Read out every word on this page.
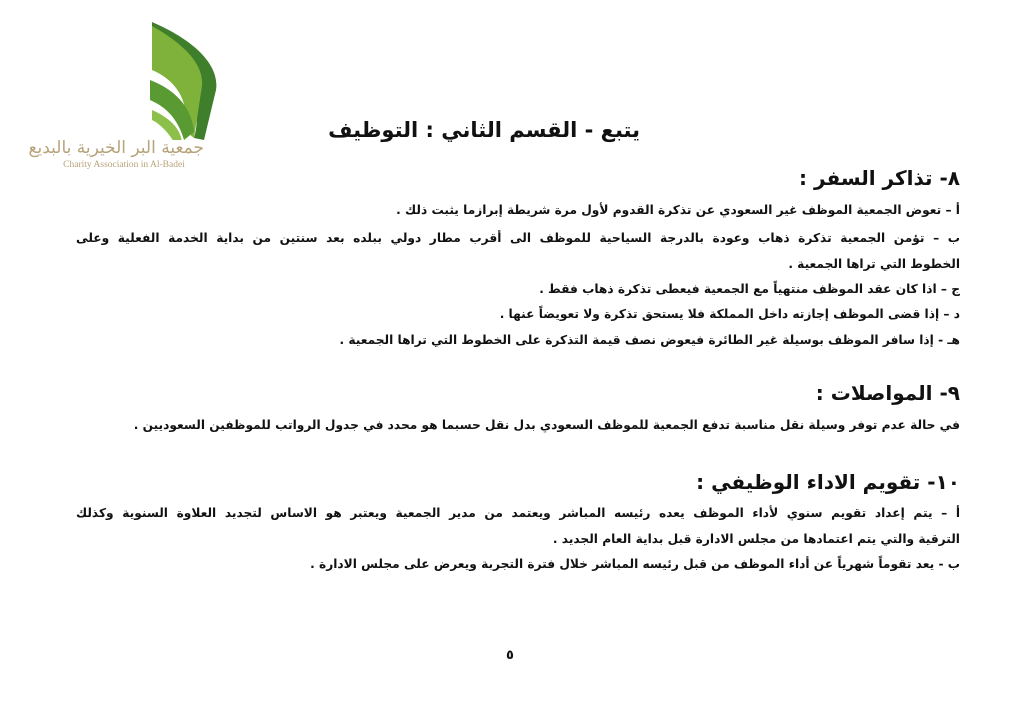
جمعية البر الخيرية بالبديع
Charity Association in Al-Badei
يتبع - القسم الثاني : التوظيف
٨- تذاكر السفر :
أ – تعوض الجمعية الموظف غير السعودي عن تذكرة القدوم لأول مرة شريطة إبرازما يثبت ذلك .
ب – تؤمن الجمعية تذكرة ذهاب وعودة بالدرجة السياحية للموظف الى أقرب مطار دولي ببلده بعد سنتين من بداية الخدمة الفعلية وعلى
الخطوط التي تراها الجمعية .
ج – اذا كان عقد الموظف منتهياً مع الجمعية فيعطى تذكرة ذهاب فقط .
د – إذا قضى الموظف إجازته داخل المملكة فلا يستحق تذكرة ولا تعويضاً عنها .
هـ - إذا سافر الموظف بوسيلة غير الطائرة فيعوض نصف قيمة التذكرة على الخطوط التي تراها الجمعية .
٩- المواصلات :
في حالة عدم توفر وسيلة نقل مناسبة تدفع الجمعية للموظف السعودي بدل نقل حسبما هو محدد في جدول الرواتب للموظفين السعوديين .
١٠- تقويم الاداء الوظيفي :
أ – يتم إعداد تقويم سنوي لأداء الموظف يعده رئيسه المباشر ويعتمد من مدير الجمعية ويعتبر هو الاساس لتجديد العلاوة السنوية وكذلك
الترقية والتي يتم اعتمادها من مجلس الادارة قبل بداية العام الجديد .
ب - يعد تقوماً شهرياً عن أداء الموظف من قبل رئيسه المباشر خلال فترة التجربة ويعرض على مجلس الادارة .
٥
